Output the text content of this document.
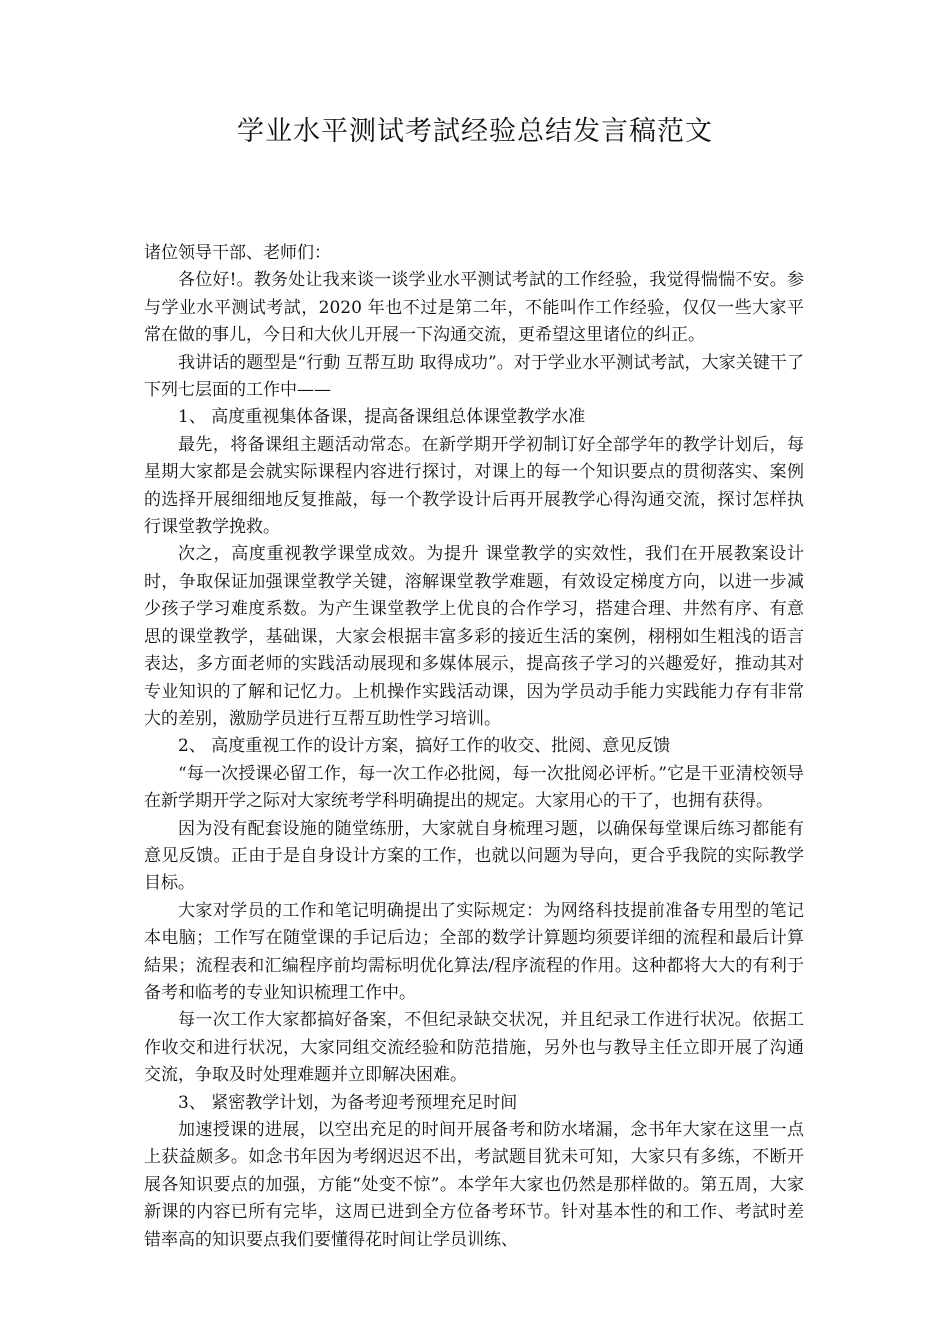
学业水平测试考試经验总结发言稿范文

诸位领导干部、老师们：

各位好!。教务处让我来谈一谈学业水平测试考試的工作经验，我觉得惴惴不安。参与学业水平测试考試，2020 年也不过是第二年，不能叫作工作经验，仅仅一些大家平常在做的事儿，今日和大伙儿开展一下沟通交流，更希望这里诸位的纠正。

我讲话的题型是“行動 互帮互助 取得成功”。对于学业水平测试考試，大家关键干了下列七层面的工作中——

1、 高度重视集体备课，提高备课组总体课堂教学水准

最先，将备课组主题活动常态。在新学期开学初制订好全部学年的教学计划后，每星期大家都是会就实际课程内容进行探讨，对课上的每一个知识要点的贯彻落实、案例的选择开展细细地反复推敲，每一个教学设计后再开展教学心得沟通交流，探讨怎样执行课堂教学挽救。

次之，高度重视教学课堂成效。为提升 课堂教学的实效性，我们在开展教案设计时，争取保证加强课堂教学关键，溶解课堂教学难题，有效设定梯度方向，以进一步减少孩子学习难度系数。为产生课堂教学上优良的合作学习，搭建合理、井然有序、有意思的课堂教学，基础课，大家会根据丰富多彩的接近生活的案例，栩栩如生粗浅的语言表达，多方面老师的实践活动展现和多媒体展示，提高孩子学习的兴趣爱好，推动其对专业知识的了解和记忆力。上机操作实践活动课，因为学员动手能力实践能力存有非常大的差别，激励学员进行互帮互助性学习培训。

2、 高度重视工作的设计方案，搞好工作的收交、批阅、意见反馈

“每一次授课必留工作，每一次工作必批阅，每一次批阅必评析。”它是干亚清校领导在新学期开学之际对大家统考学科明确提出的规定。大家用心的干了，也拥有获得。

因为没有配套设施的随堂练册，大家就自身梳理习题，以确保每堂课后练习都能有意见反馈。正由于是自身设计方案的工作，也就以问题为导向，更合乎我院的实际教学目标。

大家对学员的工作和笔记明确提出了实际规定：为网络科技提前准备专用型的笔记本电脑；工作写在随堂课的手记后边；全部的数学计算题均须要详细的流程和最后计算結果；流程表和汇编程序前均需标明优化算法/程序流程的作用。这种都将大大的有利于备考和临考的专业知识梳理工作中。

每一次工作大家都搞好备案，不但纪录缺交状况，并且纪录工作进行状况。依据工作收交和进行状况，大家同组交流经验和防范措施，另外也与教导主任立即开展了沟通交流，争取及时处理难题并立即解决困难。

3、 紧密教学计划，为备考迎考预埋充足时间

加速授课的进展，以空出充足的时间开展备考和防水堵漏，念书年大家在这里一点上获益颇多。如念书年因为考纲迟迟不出，考試题目犹未可知，大家只有多练，不断开展各知识要点的加强，方能“处变不惊”。本学年大家也仍然是那样做的。第五周，大家新课的内容已所有完毕，这周已进到全方位备考环节。针对基本性的和工作、考試时差错率高的知识要点我们要懂得花时间让学员训练、
